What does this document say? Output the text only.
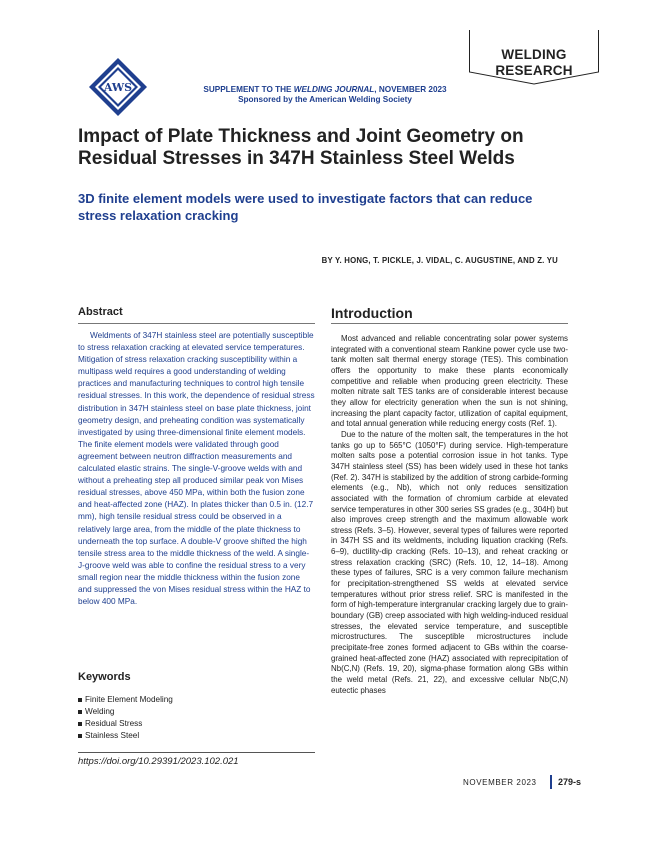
AWS	SUPPLEMENT TO THE WELDING JOURNAL, NOVEMBER 2023
Sponsored by the American Welding Society
WELDING
RESEARCH
Impact of Plate Thickness and Joint Geometry on Residual Stresses in 347H Stainless Steel Welds
3D finite element models were used to investigate factors that can reduce stress relaxation cracking
BY Y. HONG, T. PICKLE, J. VIDAL, C. AUGUSTINE, AND Z. YU
Abstract

Weldments of 347H stainless steel are potentially susceptible to stress relaxation cracking at elevated service temperatures. Mitigation of stress relaxation cracking susceptibility within a multipass weld requires a good understanding of welding practices and manufacturing techniques to control high tensile residual stresses. In this work, the dependence of residual stress distribution in 347H stainless steel on base plate thickness, joint geometry design, and preheating condition was systematically investigated by using three-dimensional finite element models. The finite element models were validated through good agreement between neutron diffraction measurements and calculated elastic strains. The single-V-groove welds with and without a preheating step all produced similar peak von Mises residual stresses, above 450 MPa, within both the fusion zone and heat-affected zone (HAZ). In plates thicker than 0.5 in. (12.7 mm), high tensile residual stress could be observed in a relatively large area, from the middle of the plate thickness to underneath the top surface. A double-V groove shifted the high tensile stress area to the middle thickness of the weld. A single-J-groove weld was able to confine the residual stress to a very small region near the middle thickness within the fusion zone and suppressed the von Mises residual stress within the HAZ to below 400 MPa.

Keywords
Finite Element Modeling
Welding
Residual Stress
Stainless Steel
https://doi.org/10.29391/2023.102.021
Introduction

Most advanced and reliable concentrating solar power systems integrated with a conventional steam Rankine power cycle use two-tank molten salt thermal energy storage (TES). This combination offers the opportunity to make these plants economically competitive and reliable when producing green electricity. These molten nitrate salt TES tanks are of considerable interest because they allow for electricity generation when the sun is not shining, increasing the plant capacity factor, utilization of capital equipment, and total annual generation while reducing energy costs (Ref. 1).

Due to the nature of the molten salt, the temperatures in the hot tanks go up to 565°C (1050°F) during service. High-temperature molten salts pose a potential corrosion issue in hot tanks. Type 347H stainless steel (SS) has been widely used in these hot tanks (Ref. 2). 347H is stabilized by the addition of strong carbide-forming elements (e.g., Nb), which not only reduces sensitization associated with the formation of chromium carbide at elevated service temperatures in other 300 series SS grades (e.g., 304H) but also improves creep strength and the maximum allowable work stress (Refs. 3–5). However, several types of failures were reported in 347H SS and its weldments, including liquation cracking (Refs. 6–9), ductility-dip cracking (Refs. 10–13), and reheat cracking or stress relaxation cracking (SRC) (Refs. 10, 12, 14–18). Among these types of failures, SRC is a very common failure mechanism for precipitation-strengthened SS welds at elevated service temperatures without prior stress relief. SRC is manifested in the form of high-temperature intergranular cracking largely due to grain-boundary (GB) creep associated with high welding-induced residual stresses, the elevated service temperature, and susceptible microstructures. The susceptible microstructures include precipitate-free zones formed adjacent to GBs within the coarse-grained heat-affected zone (HAZ) associated with reprecipitation of Nb(C,N) (Refs. 19, 20), sigma-phase formation along GBs within the weld metal (Refs. 21, 22), and excessive cellular Nb(C,N) eutectic phases

NOVEMBER 2023 279-s
